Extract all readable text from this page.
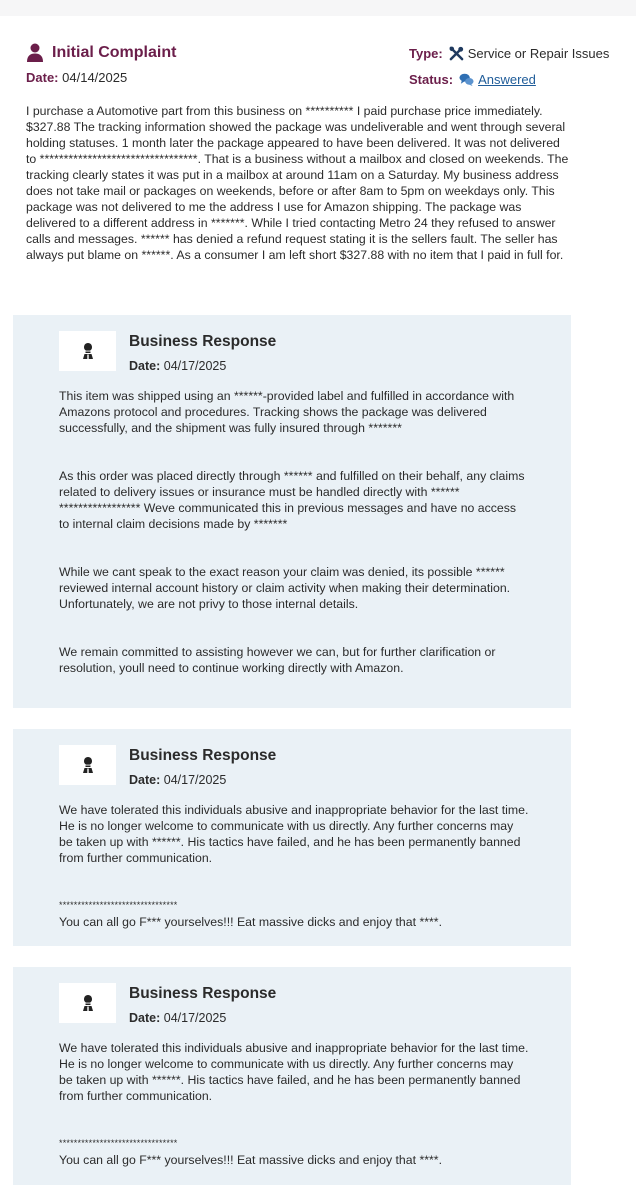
Initial Complaint
Date: 04/14/2025
Type: Service or Repair Issues
Status: Answered
I purchase a Automotive part from this business on ********** I paid purchase price immediately. $327.88 The tracking information showed the package was undeliverable and went through several holding statuses. 1 month later the package appeared to have been delivered. It was not delivered to *********************************. That is a business without a mailbox and closed on weekends. The tracking clearly states it was put in a mailbox at around 11am on a Saturday. My business address does not take mail or packages on weekends, before or after 8am to 5pm on weekdays only. This package was not delivered to me the address I use for Amazon shipping. The package was delivered to a different address in *******. While I tried contacting Metro 24 they refused to answer calls and messages. ****** has denied a refund request stating it is the sellers fault. The seller has always put blame on ******. As a consumer I am left short $327.88 with no item that I paid in full for.
Business Response
Date: 04/17/2025

This item was shipped using an ******-provided label and fulfilled in accordance with Amazons protocol and procedures. Tracking shows the package was delivered successfully, and the shipment was fully insured through *******

As this order was placed directly through ****** and fulfilled on their behalf, any claims related to delivery issues or insurance must be handled directly with ****** ***************** Weve communicated this in previous messages and have no access to internal claim decisions made by *******

While we cant speak to the exact reason your claim was denied, its possible ****** reviewed internal account history or claim activity when making their determination. Unfortunately, we are not privy to those internal details.

We remain committed to assisting however we can, but for further clarification or resolution, youll need to continue working directly with Amazon.

Business Response
Date: 04/17/2025

We have tolerated this individuals abusive and inappropriate behavior for the last time. He is no longer welcome to communicate with us directly. Any further concerns may be taken up with ******. His tactics have failed, and he has been permanently banned from further communication.

********************************

You can all go F*** yourselves!!! Eat massive dicks and enjoy that ****.

Business Response
Date: 04/17/2025

We have tolerated this individuals abusive and inappropriate behavior for the last time. He is no longer welcome to communicate with us directly. Any further concerns may be taken up with ******. His tactics have failed, and he has been permanently banned from further communication.

********************************

You can all go F*** yourselves!!! Eat massive dicks and enjoy that ****.
